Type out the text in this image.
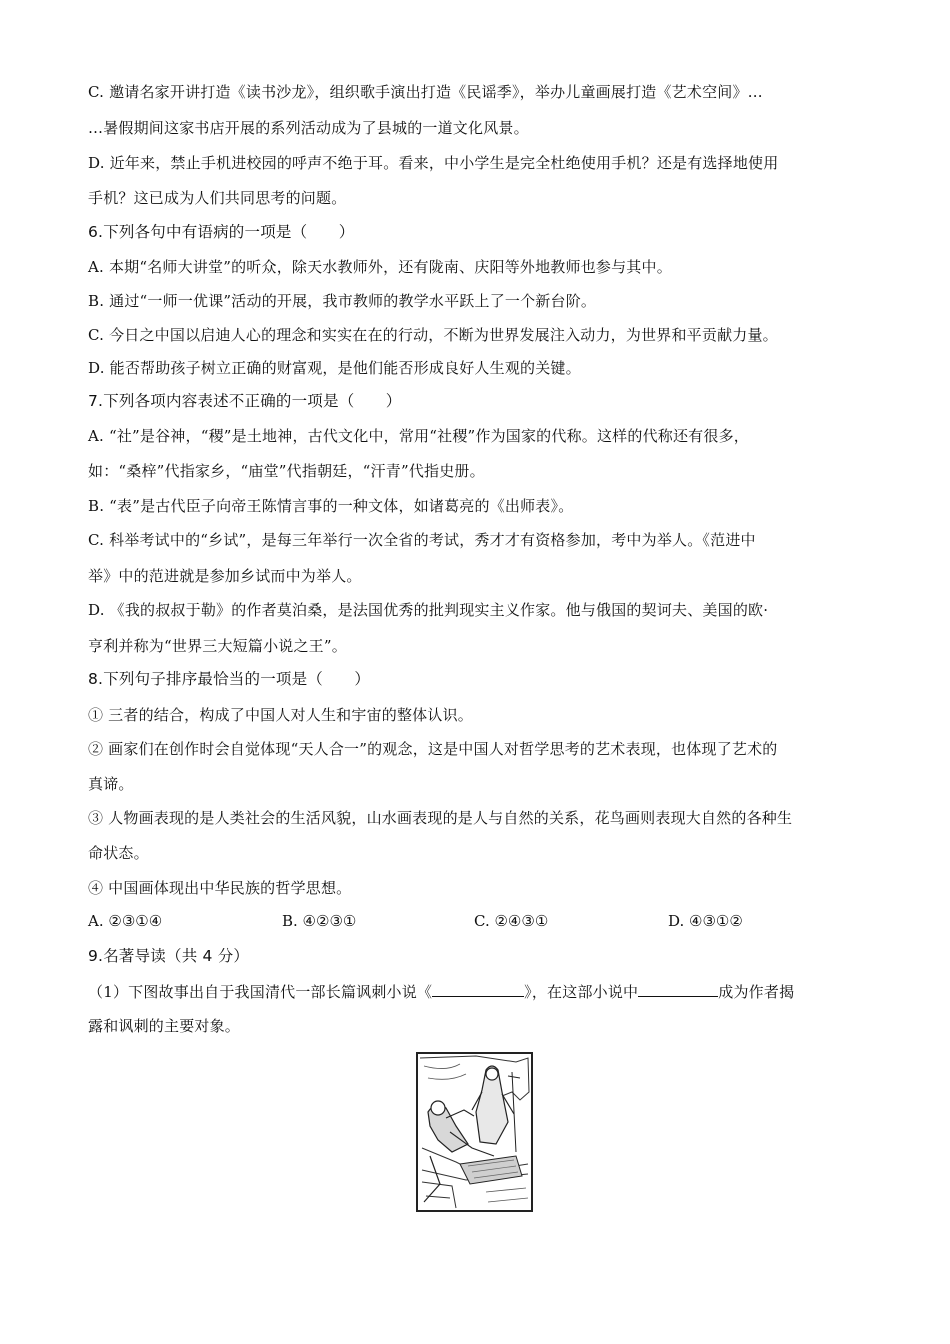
C. 邀请名家开讲打造《读书沙龙》，组织歌手演出打造《民谣季》，举办儿童画展打造《艺术空间》…
…暑假期间这家书店开展的系列活动成为了县城的一道文化风景。
D. 近年来，禁止手机进校园的呼声不绝于耳。看来，中小学生是完全杜绝使用手机？还是有选择地使用
手机？这已成为人们共同思考的问题。
6.下列各句中有语病的一项是（　　）
A. 本期“名师大讲堂”的听众，除天水教师外，还有陇南、庆阳等外地教师也参与其中。
B. 通过“一师一优课”活动的开展，我市教师的教学水平跃上了一个新台阶。
C. 今日之中国以启迪人心的理念和实实在在的行动，不断为世界发展注入动力，为世界和平贡献力量。
D. 能否帮助孩子树立正确的财富观，是他们能否形成良好人生观的关键。
7.下列各项内容表述不正确的一项是（　　）
A. “社”是谷神，“稷”是土地神，古代文化中，常用“社稷”作为国家的代称。这样的代称还有很多，
如：“桑梓”代指家乡，“庙堂”代指朝廷，“汗青”代指史册。
B. “表”是古代臣子向帝王陈情言事的一种文体，如诸葛亮的《出师表》。
C. 科举考试中的“乡试”，是每三年举行一次全省的考试，秀才才有资格参加，考中为举人。《范进中
举》中的范进就是参加乡试而中为举人。
D. 《我的叔叔于勒》的作者莫泊桑，是法国优秀的批判现实主义作家。他与俄国的契诃夫、美国的欧·
亨利并称为“世界三大短篇小说之王”。
8.下列句子排序最恰当的一项是（　　）
① 三者的结合，构成了中国人对人生和宇宙的整体认识。
② 画家们在创作时会自觉体现“天人合一”的观念，这是中国人对哲学思考的艺术表现，也体现了艺术的
真谛。
③ 人物画表现的是人类社会的生活风貌，山水画表现的是人与自然的关系，花鸟画则表现大自然的各种生
命状态。
④ 中国画体现出中华民族的哲学思想。
A. ②③①④	B. ④②③①	C. ②④③①	D. ④③①②
9.名著导读（共 4 分）
（1）下图故事出自于我国清代一部长篇讽刺小说《	》，在这部小说中	成为作者揭
露和讽刺的主要对象。
